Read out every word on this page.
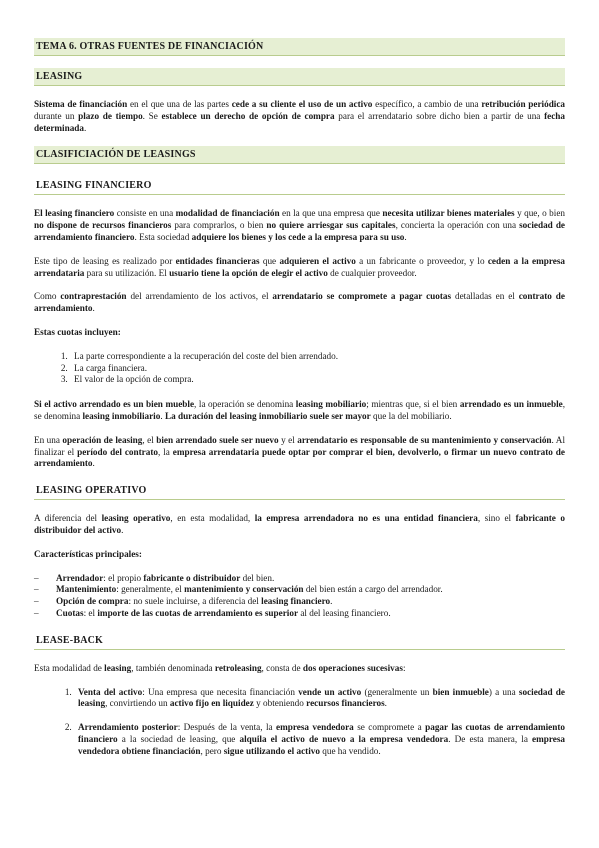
TEMA 6. OTRAS FUENTES DE FINANCIACIÓN
LEASING

Sistema de financiación en el que una de las partes cede a su cliente el uso de un activo específico, a cambio de una retribución periódica durante un plazo de tiempo. Se establece un derecho de opción de compra para el arrendatario sobre dicho bien a partir de una fecha determinada.

CLASIFICIACIÓN DE LEASINGS
LEASING FINANCIERO

El leasing financiero consiste en una modalidad de financiación en la que una empresa que necesita utilizar bienes materiales y que, o bien no dispone de recursos financieros para comprarlos, o bien no quiere arriesgar sus capitales, concierta la operación con una sociedad de arrendamiento financiero. Esta sociedad adquiere los bienes y los cede a la empresa para su uso.

Este tipo de leasing es realizado por entidades financieras que adquieren el activo a un fabricante o proveedor, y lo ceden a la empresa arrendataria para su utilización. El usuario tiene la opción de elegir el activo de cualquier proveedor.

Como contraprestación del arrendamiento de los activos, el arrendatario se compromete a pagar cuotas detalladas en el contrato de arrendamiento.

Estas cuotas incluyen:

1. La parte correspondiente a la recuperación del coste del bien arrendado.
2. La carga financiera.
3. El valor de la opción de compra.

Si el activo arrendado es un bien mueble, la operación se denomina leasing mobiliario; mientras que, si el bien arrendado es un inmueble, se denomina leasing inmobiliario. La duración del leasing inmobiliario suele ser mayor que la del mobiliario.

En una operación de leasing, el bien arrendado suele ser nuevo y el arrendatario es responsable de su mantenimiento y conservación. Al finalizar el período del contrato, la empresa arrendataria puede optar por comprar el bien, devolverlo, o firmar un nuevo contrato de arrendamiento.

LEASING OPERATIVO

A diferencia del leasing operativo, en esta modalidad, la empresa arrendadora no es una entidad financiera, sino el fabricante o distribuidor del activo.

Características principales:

– Arrendador: el propio fabricante o distribuidor del bien.
– Mantenimiento: generalmente, el mantenimiento y conservación del bien están a cargo del arrendador.
– Opción de compra: no suele incluirse, a diferencia del leasing financiero.
– Cuotas: el importe de las cuotas de arrendamiento es superior al del leasing financiero.
LEASE-BACK

Esta modalidad de leasing, también denominada retroleasing, consta de dos operaciones sucesivas:

1. Venta del activo: Una empresa que necesita financiación vende un activo (generalmente un bien inmueble) a una sociedad de leasing, convirtiendo un activo fijo en liquidez y obteniendo recursos financieros.
2. Arrendamiento posterior: Después de la venta, la empresa vendedora se compromete a pagar las cuotas de arrendamiento financiero a la sociedad de leasing, que alquila el activo de nuevo a la empresa vendedora. De esta manera, la empresa vendedora obtiene financiación, pero sigue utilizando el activo que ha vendido.
